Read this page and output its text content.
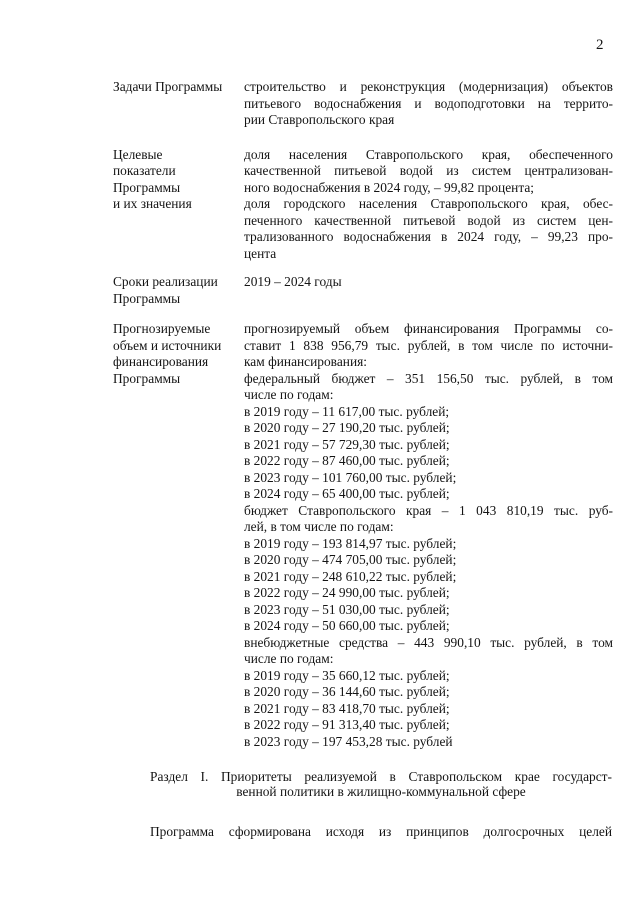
2
Задачи Программы	строительство и реконструкция (модернизация) объектов
питьевого водоснабжения и водоподготовки на террито-
рии Ставропольского края
Целевые
показатели
Программы
и их значения
доля населения Ставропольского края, обеспеченного
качественной питьевой водой из систем централизован-
ного водоснабжения в 2024 году, – 99,82 процента;
доля городского населения Ставропольского края, обес-
печенного качественной питьевой водой из систем цен-
трализованного водоснабжения в 2024 году, – 99,23 про-
цента
Сроки реализации
Программы
2019 – 2024 годы
Прогнозируемые
объем и источники
финансирования
Программы
прогнозируемый объем финансирования Программы со-
ставит 1 838 956,79 тыс. рублей, в том числе по источни-
кам финансирования:
федеральный бюджет – 351 156,50 тыс. рублей, в том
числе по годам:
в 2019 году – 11 617,00 тыс. рублей;
в 2020 году – 27 190,20 тыс. рублей;
в 2021 году – 57 729,30 тыс. рублей;
в 2022 году – 87 460,00 тыс. рублей;
в 2023 году – 101 760,00 тыс. рублей;
в 2024 году – 65 400,00 тыс. рублей;
бюджет Ставропольского края – 1 043 810,19 тыс. руб-
лей, в том числе по годам:
в 2019 году – 193 814,97 тыс. рублей;
в 2020 году – 474 705,00 тыс. рублей;
в 2021 году – 248 610,22 тыс. рублей;
в 2022 году – 24 990,00 тыс. рублей;
в 2023 году – 51 030,00 тыс. рублей;
в 2024 году – 50 660,00 тыс. рублей;
внебюджетные средства – 443 990,10 тыс. рублей, в том
числе по годам:
в 2019 году – 35 660,12 тыс. рублей;
в 2020 году – 36 144,60 тыс. рублей;
в 2021 году – 83 418,70 тыс. рублей;
в 2022 году – 91 313,40 тыс. рублей;
в 2023 году – 197 453,28 тыс. рублей
Раздел I. Приоритеты реализуемой в Ставропольском крае государст-
венной политики в жилищно-коммунальной сфере
Программа сформирована исходя из принципов долгосрочных целей
